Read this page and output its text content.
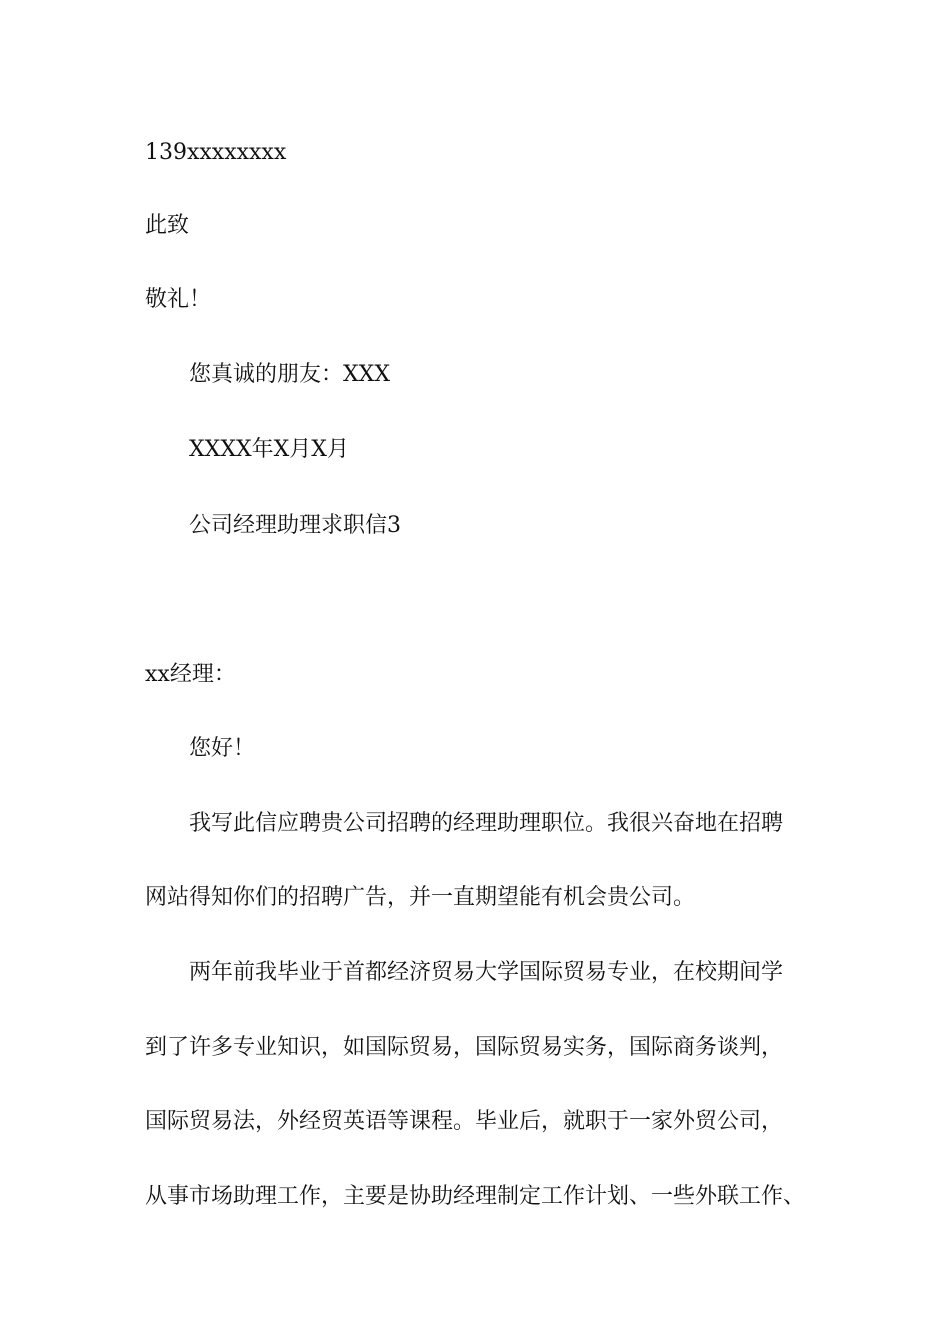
139xxxxxxxx
此致
敬礼！
您真诚的朋友：XXX
XXXX年X月X月
公司经理助理求职信3
xx经理：
您好！
我写此信应聘贵公司招聘的经理助理职位。我很兴奋地在招聘
网站得知你们的招聘广告，并一直期望能有机会贵公司。
两年前我毕业于首都经济贸易大学国际贸易专业，在校期间学
到了许多专业知识，如国际贸易，国际贸易实务，国际商务谈判，
国际贸易法，外经贸英语等课程。毕业后，就职于一家外贸公司，
从事市场助理工作，主要是协助经理制定工作计划、一些外联工作、
